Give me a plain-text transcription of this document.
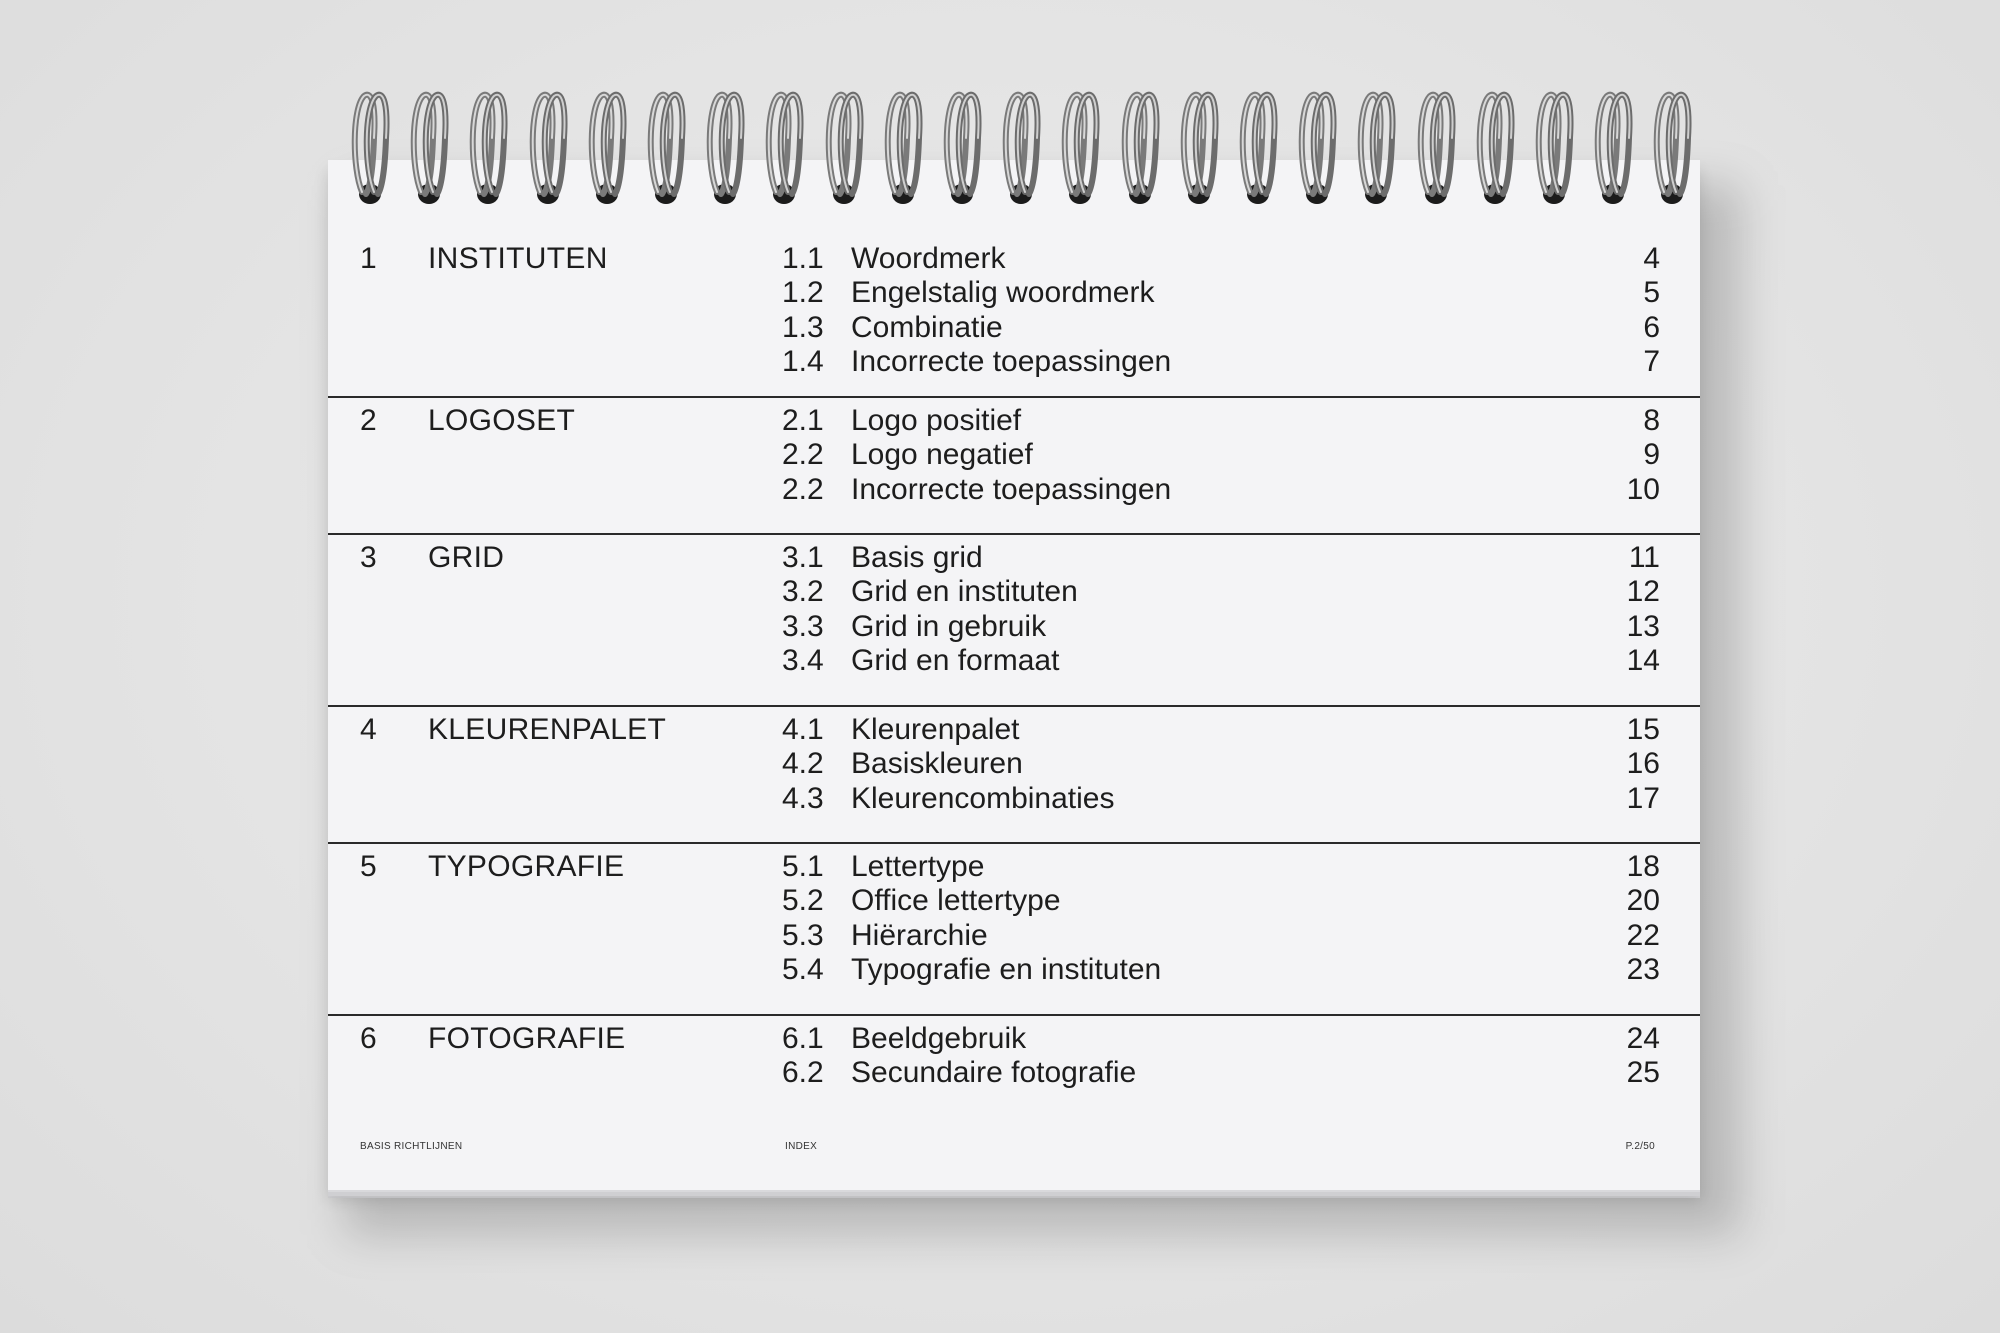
1 INSTITUTEN	1.1 Woordmerk	4
1.2 Engelstalig woordmerk	5
1.3 Combinatie	6
1.4 Incorrecte toepassingen	7
2 LOGOSET	2.1 Logo positief	8
2.2 Logo negatief	9
2.2 Incorrecte toepassingen	10
3 GRID	3.1 Basis grid	11
3.2 Grid en instituten	12
3.3 Grid in gebruik	13
3.4 Grid en formaat	14
4 KLEURENPALET	4.1 Kleurenpalet	15
4.2 Basiskleuren	16
4.3 Kleurencombinaties	17
5 TYPOGRAFIE	5.1 Lettertype	18
5.2 Office lettertype	20
5.3 Hiërarchie	22
5.4 Typografie en instituten	23
6 FOTOGRAFIE	6.1 Beeldgebruik	24
6.2 Secundaire fotografie	25
BASIS RICHTLIJNEN	INDEX	P.2/50
